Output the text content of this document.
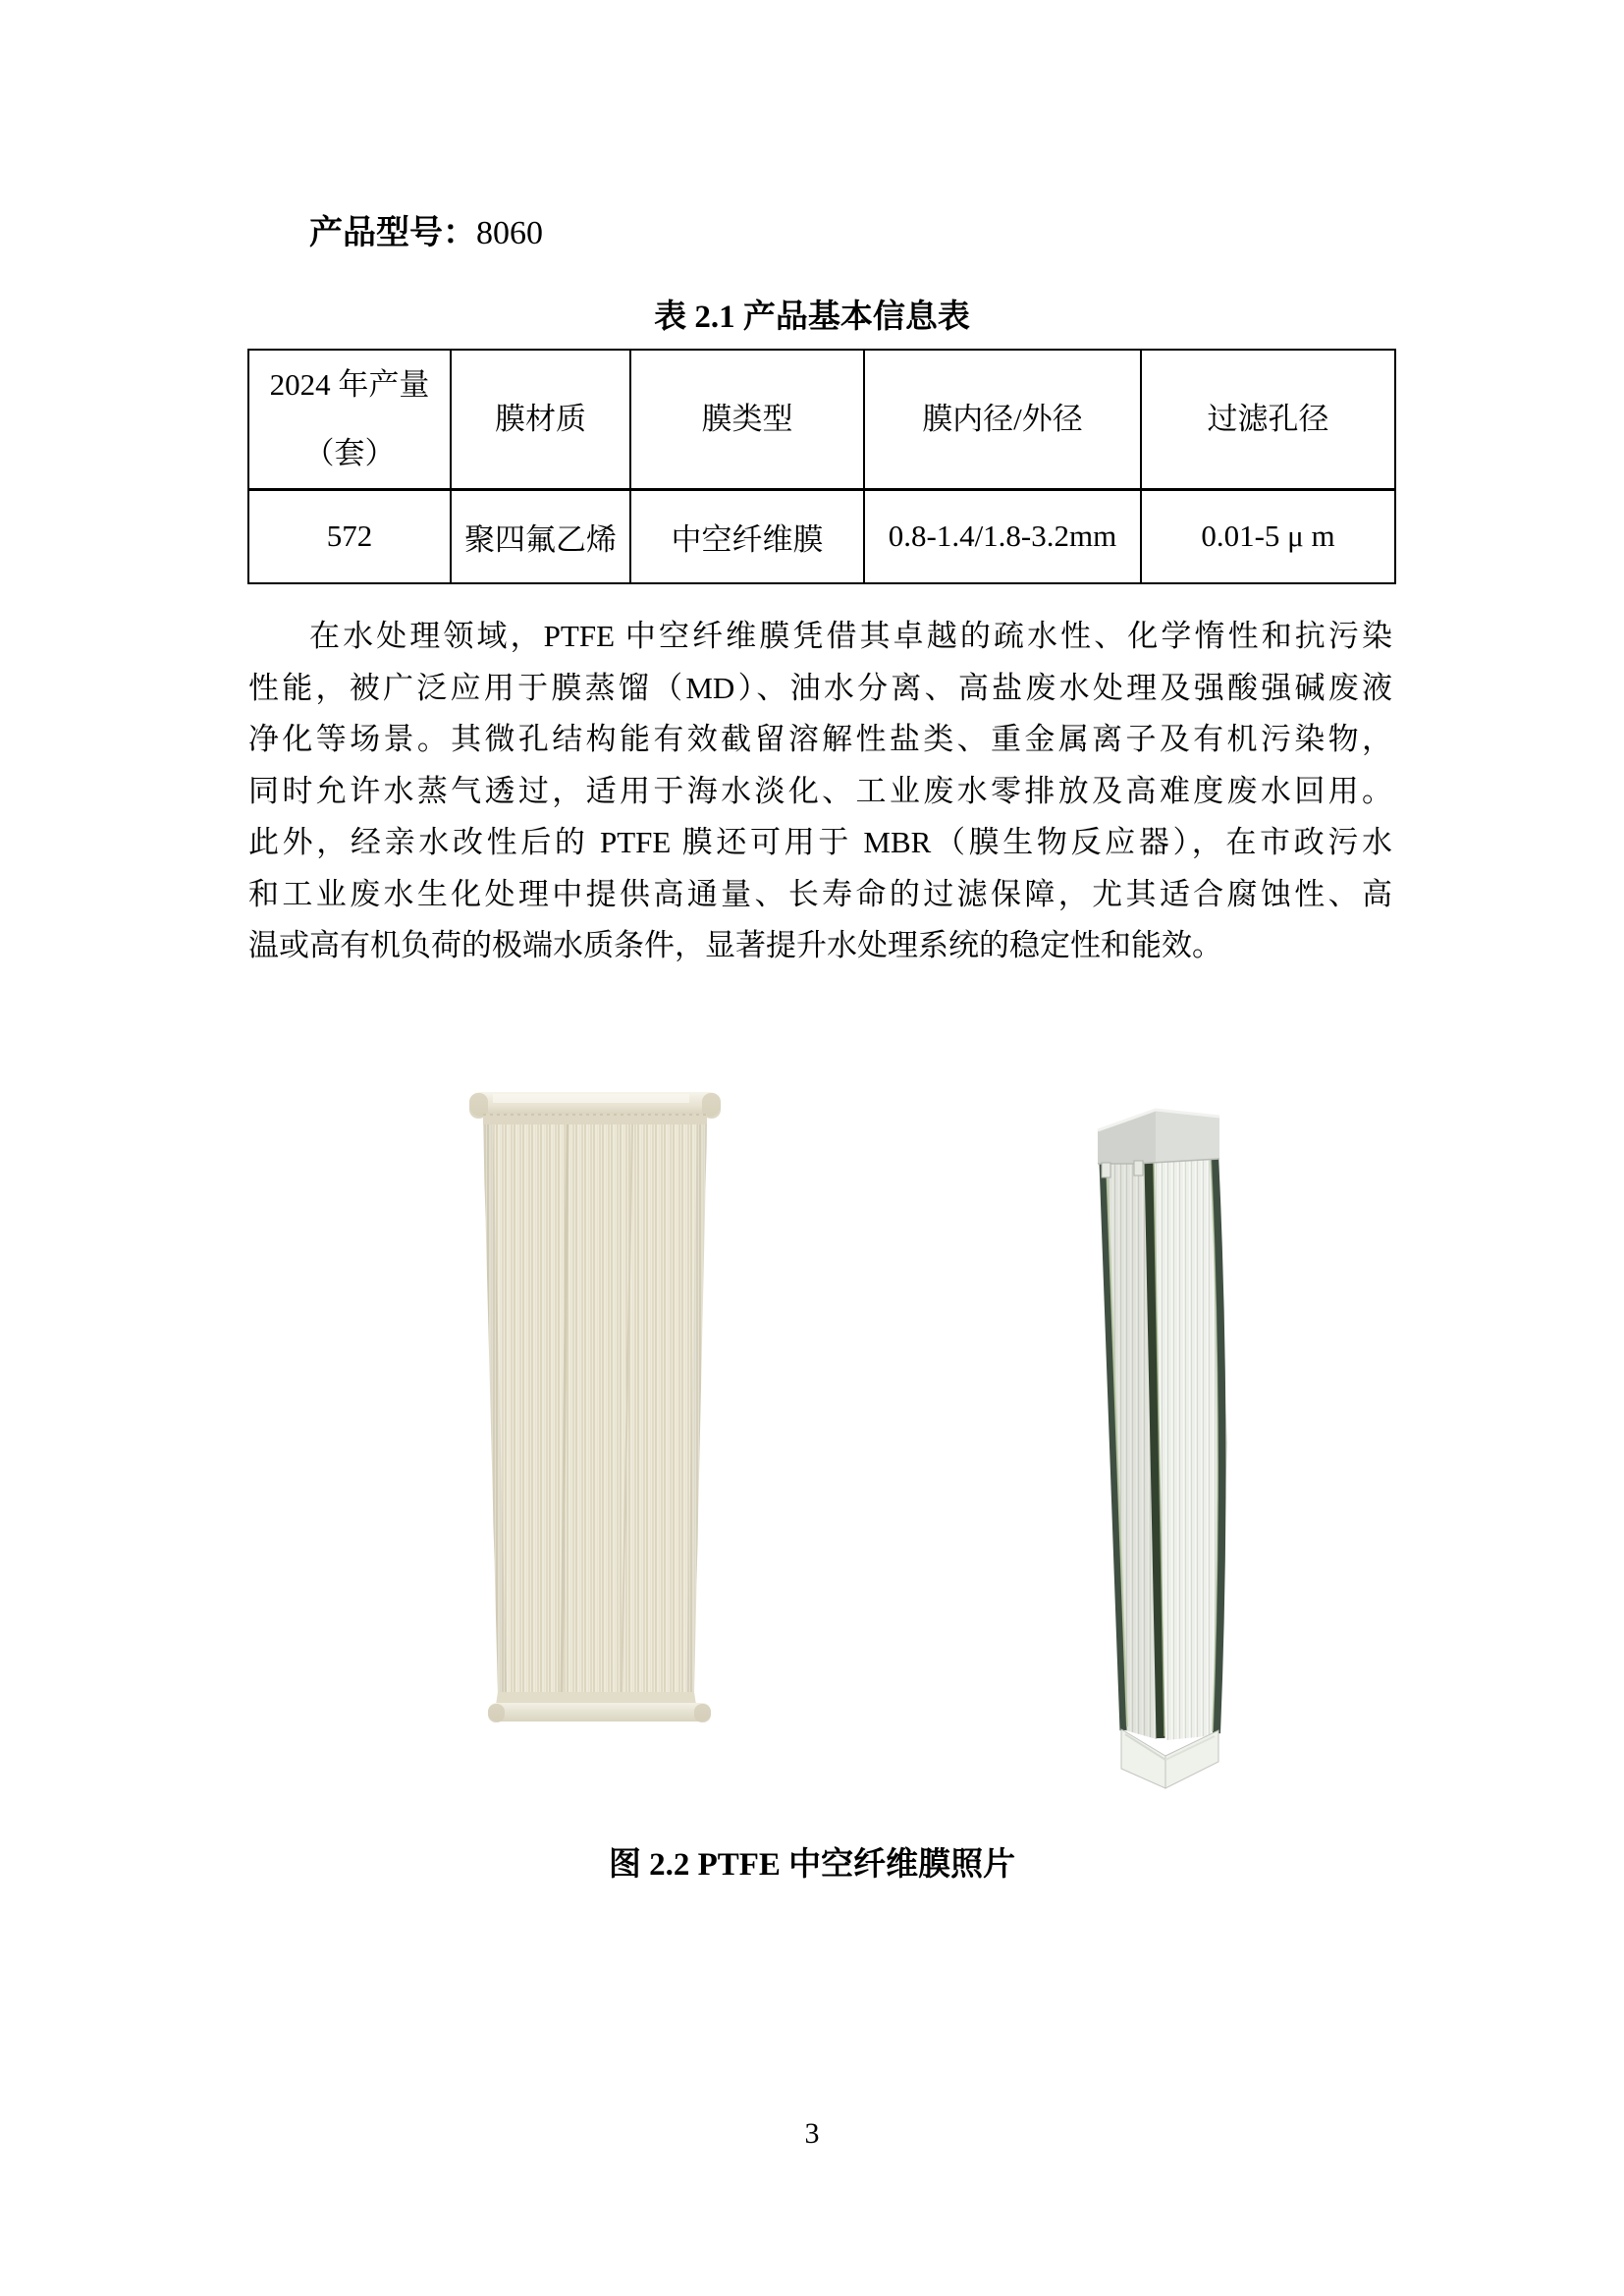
产品型号：8060

表 2.1 产品基本信息表
2024 年产量
（套）	膜材质	膜类型	膜内径/外径	过滤孔径
572	聚四氟乙烯	中空纤维膜	0.8-1.4/1.8-3.2mm	0.01-5 μ m
在水处理领域，PTFE 中空纤维膜凭借其卓越的疏水性、化学惰性和抗污染
性能，被广泛应用于膜蒸馏（MD）、油水分离、高盐废水处理及强酸强碱废液
净化等场景。其微孔结构能有效截留溶解性盐类、重金属离子及有机污染物，
同时允许水蒸气透过，适用于海水淡化、工业废水零排放及高难度废水回用。
此外，经亲水改性后的 PTFE 膜还可用于 MBR（膜生物反应器），在市政污水
和工业废水生化处理中提供高通量、长寿命的过滤保障，尤其适合腐蚀性、高
温或高有机负荷的极端水质条件，显著提升水处理系统的稳定性和能效。
图 2.2 PTFE 中空纤维膜照片
3
